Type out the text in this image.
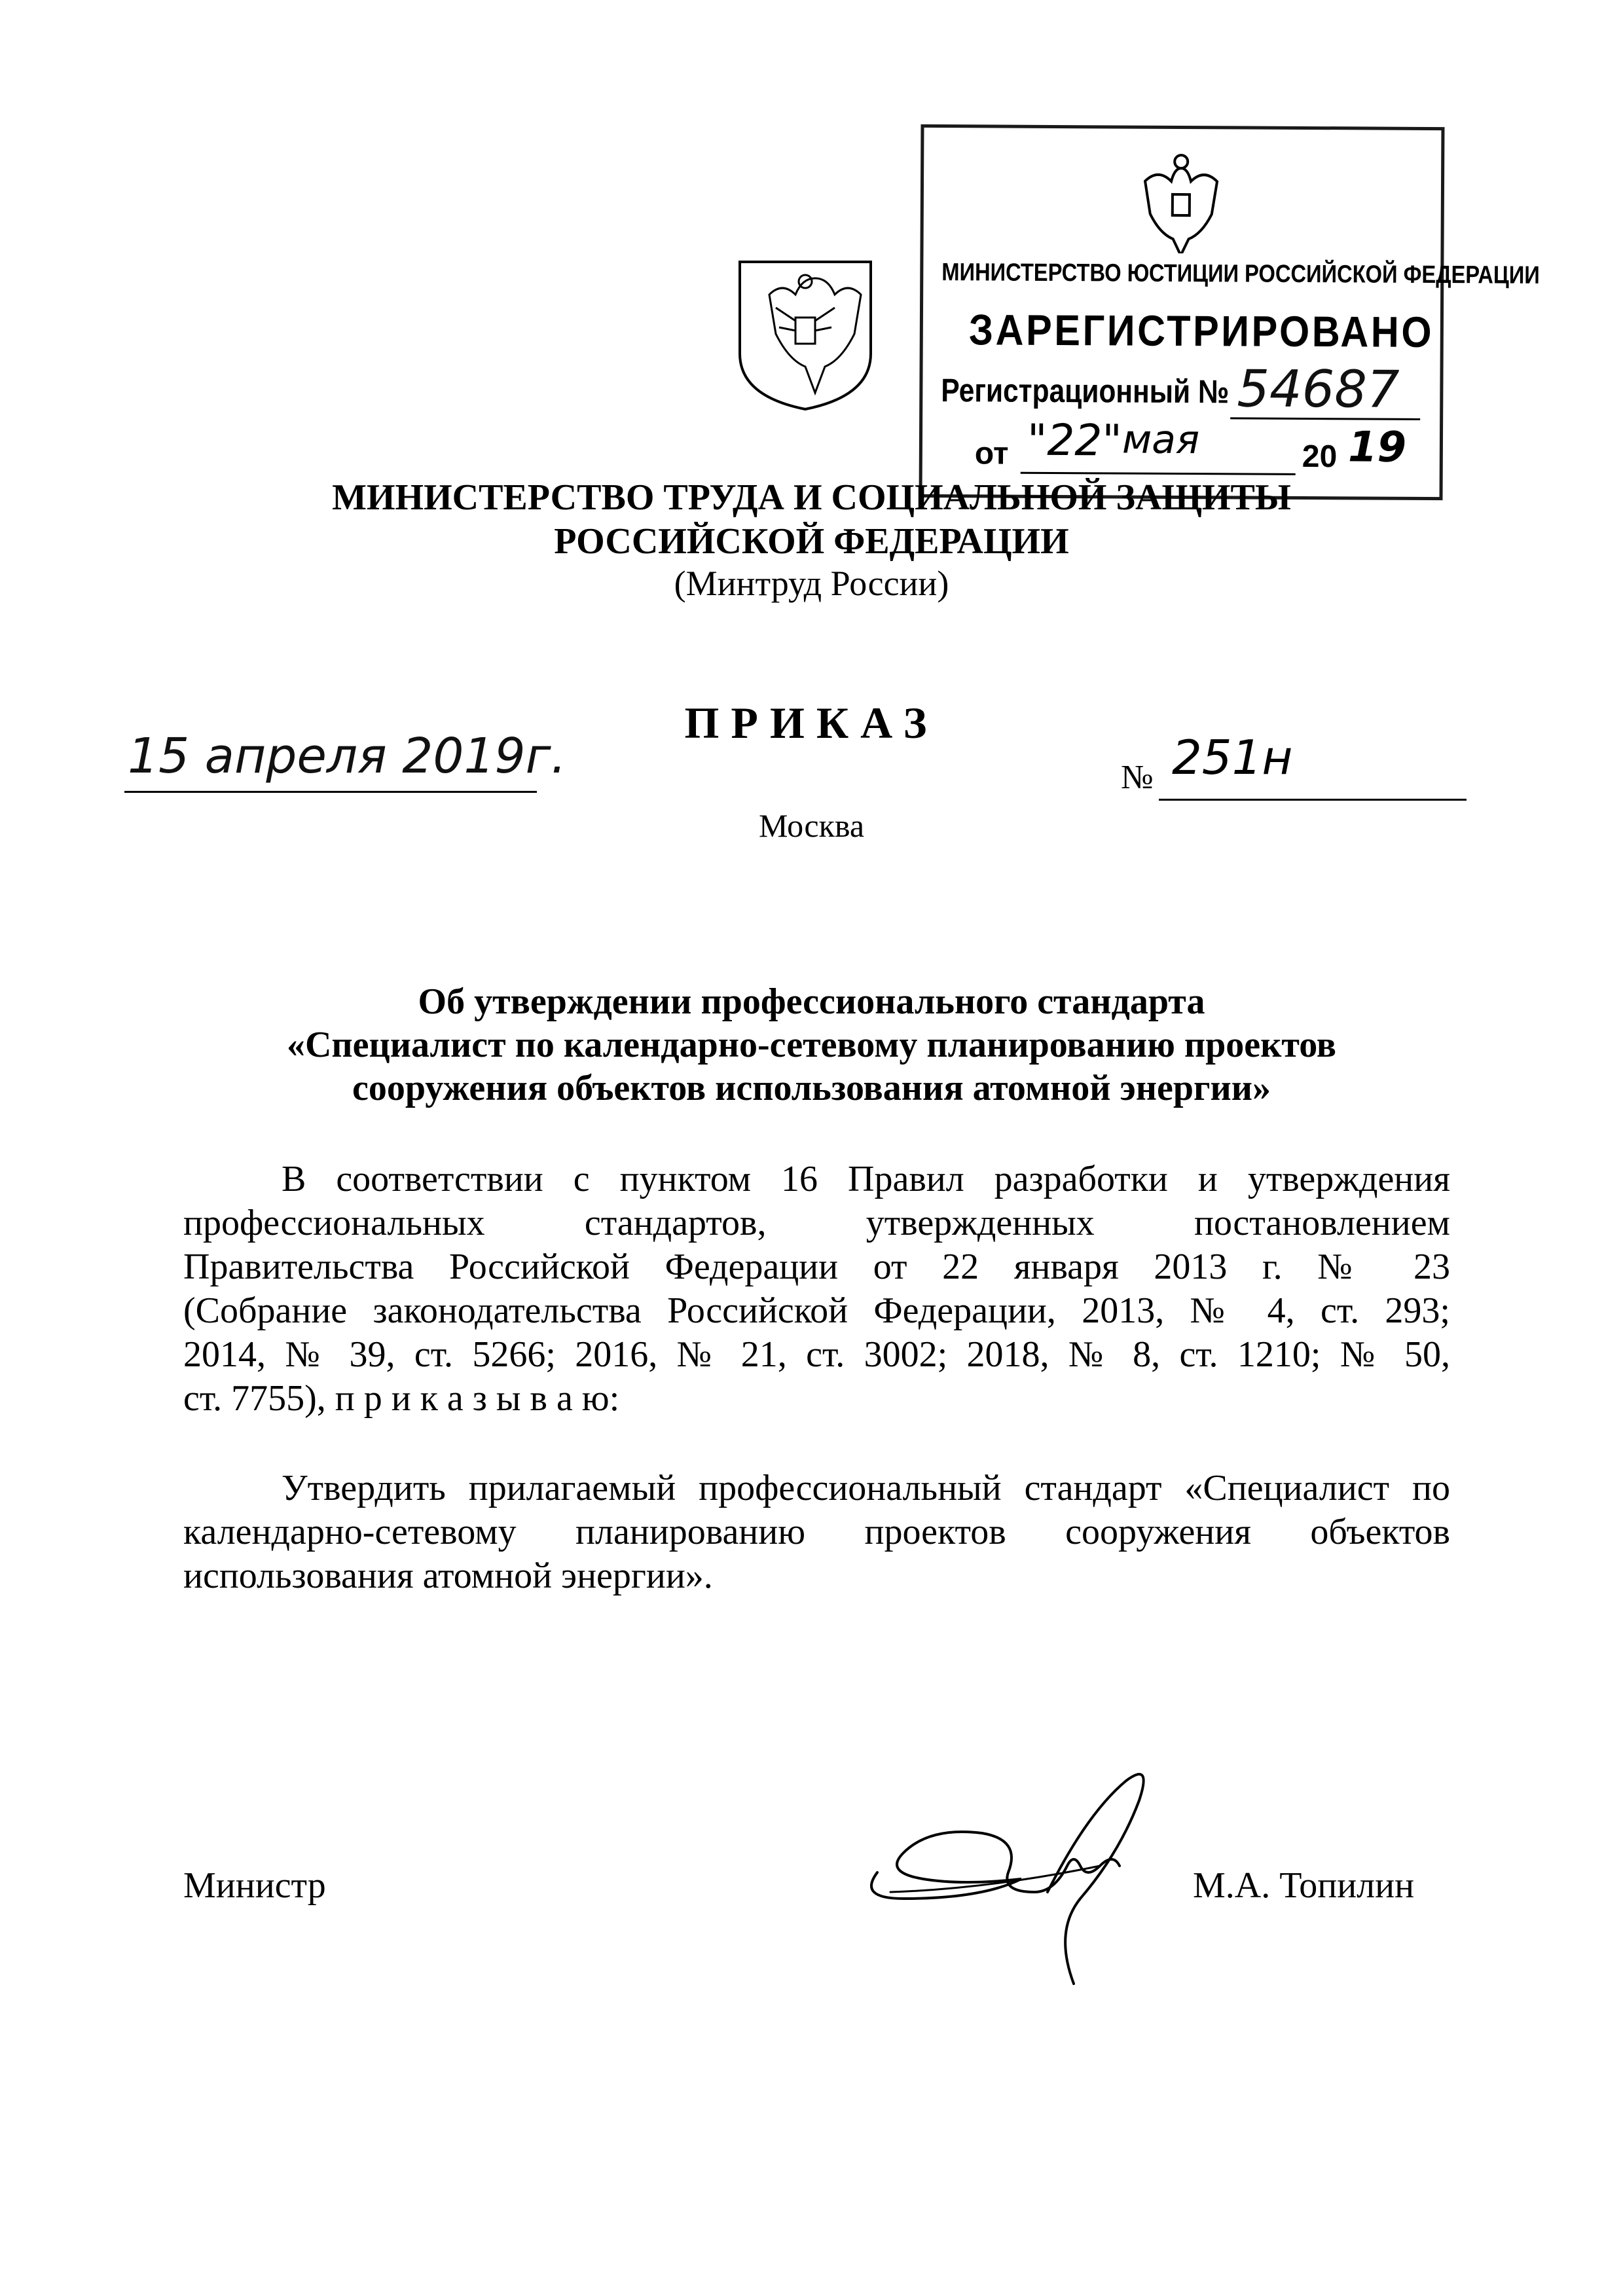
МИНИСТЕРСТВО ЮСТИЦИИ РОССИЙСКОЙ ФЕДЕРАЦИИ
ЗАРЕГИСТРИРОВАНО
Регистрационный № 54687
от "22" мая	20 19
МИНИСТЕРСТВО ТРУДА И СОЦИАЛЬНОЙ ЗАЩИТЫ
РОССИЙСКОЙ ФЕДЕРАЦИИ
(Минтруд России)
ПРИКАЗ
15 апреля 2019г.	№ 251н
Москва
Об утверждении профессионального стандарта
«Специалист по календарно-сетевому планированию проектов
сооружения объектов использования атомной энергии»
В соответствии с пунктом 16 Правил разработки и утверждения
профессиональных стандартов, утвержденных постановлением
Правительства Российской Федерации от 22 января 2013 г. № 23
(Собрание законодательства Российской Федерации, 2013, № 4, ст. 293;
2014, № 39, ст. 5266; 2016, № 21, ст. 3002; 2018, № 8, ст. 1210; № 50,
ст. 7755), п р и к а з ы в а ю:
Утвердить прилагаемый профессиональный стандарт «Специалист по
календарно-сетевому планированию проектов сооружения объектов
использования атомной энергии».
Министр	М.А. Топилин
